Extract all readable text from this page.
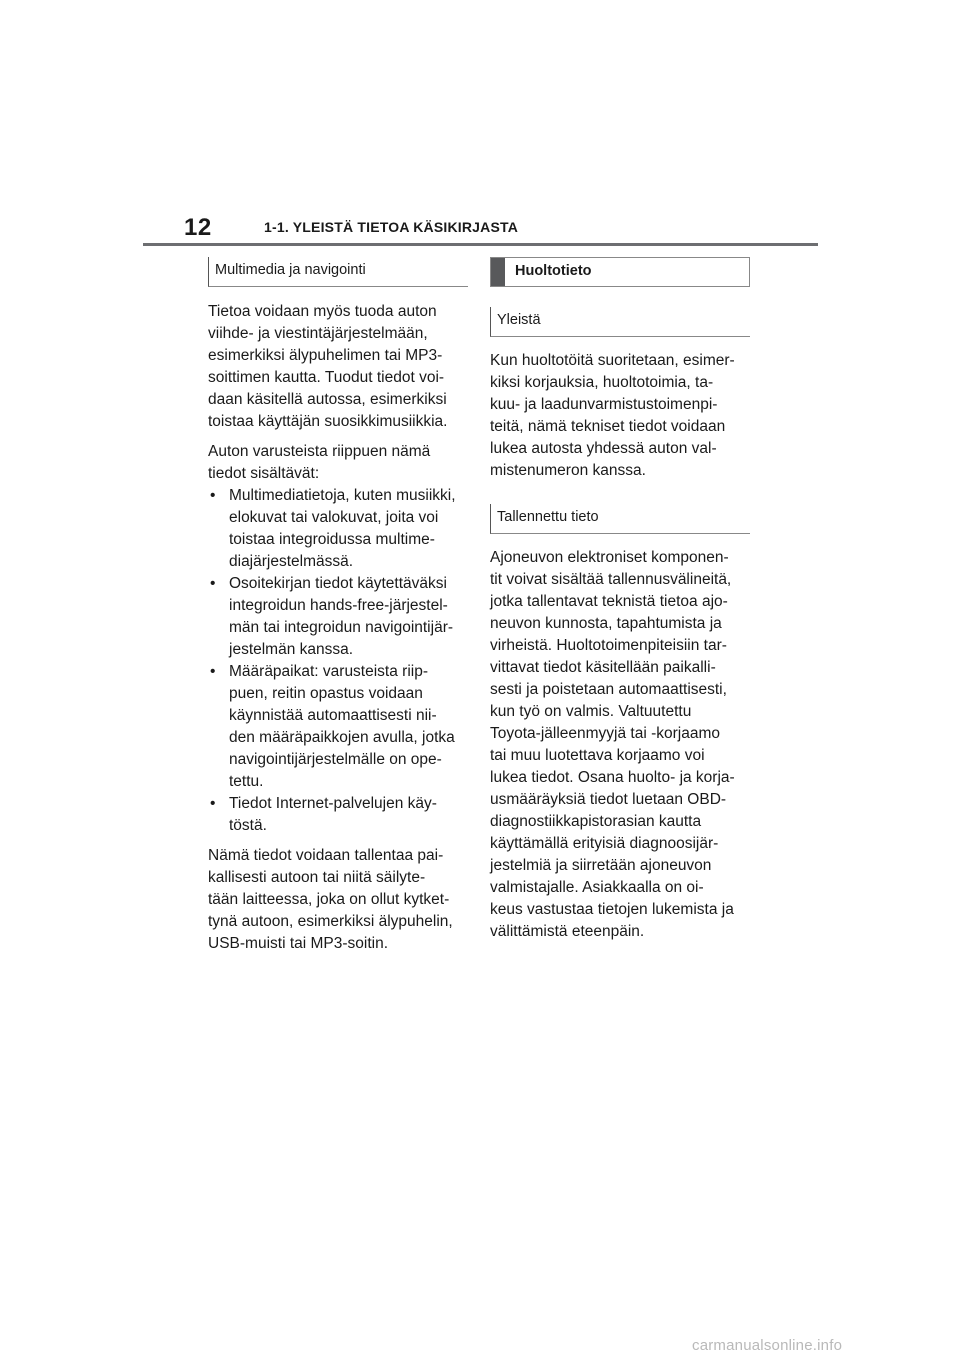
12	1-1. YLEISTÄ TIETOA KÄSIKIRJASTA
Multimedia ja navigointi

Tietoa voidaan myös tuoda auton

viihde- ja viestintäjärjestelmään,

esimerkiksi älypuhelimen tai MP3-

soittimen kautta. Tuodut tiedot voi-

daan käsitellä autossa, esimerkiksi

toistaa käyttäjän suosikkimusiikkia.

Auton varusteista riippuen nämä

tiedot sisältävät:

• Multimediatietoja, kuten musiikki,
elokuvat tai valokuvat, joita voi
toistaa integroidussa multime-
diajärjestelmässä.
• Osoitekirjan tiedot käytettäväksi
integroidun hands-free-järjestel-
män tai integroidun navigointijär-
jestelmän kanssa.
• Määräpaikat: varusteista riip-
puen, reitin opastus voidaan
käynnistää automaattisesti nii-
den määräpaikkojen avulla, jotka
navigointijärjestelmälle on ope-
tettu.
• Tiedot Internet-palvelujen käy-
töstä.

Nämä tiedot voidaan tallentaa pai-

kallisesti autoon tai niitä säilyte-

tään laitteessa, joka on ollut kytket-

tynä autoon, esimerkiksi älypuhelin,

USB-muisti tai MP3-soitin.

Huoltotieto
Yleistä

Kun huoltotöitä suoritetaan, esimer-

kiksi korjauksia, huoltotoimia, ta-

kuu- ja laadunvarmistustoimenpi-

teitä, nämä tekniset tiedot voidaan

lukea autosta yhdessä auton val-

mistenumeron kanssa.

Tallennettu tieto

Ajoneuvon elektroniset komponen-

tit voivat sisältää tallennusvälineitä,

jotka tallentavat teknistä tietoa ajo-

neuvon kunnosta, tapahtumista ja

virheistä. Huoltotoimenpiteisiin tar-

vittavat tiedot käsitellään paikalli-

sesti ja poistetaan automaattisesti,

kun työ on valmis. Valtuutettu

Toyota-jälleenmyyjä tai -korjaamo

tai muu luotettava korjaamo voi

lukea tiedot. Osana huolto- ja korja-

usmääräyksiä tiedot luetaan OBD-

diagnostiikkapistorasian kautta

käyttämällä erityisiä diagnoosijär-

jestelmiä ja siirretään ajoneuvon

valmistajalle. Asiakkaalla on oi-

keus vastustaa tietojen lukemista ja

välittämistä eteenpäin.

carmanualsonline.info
